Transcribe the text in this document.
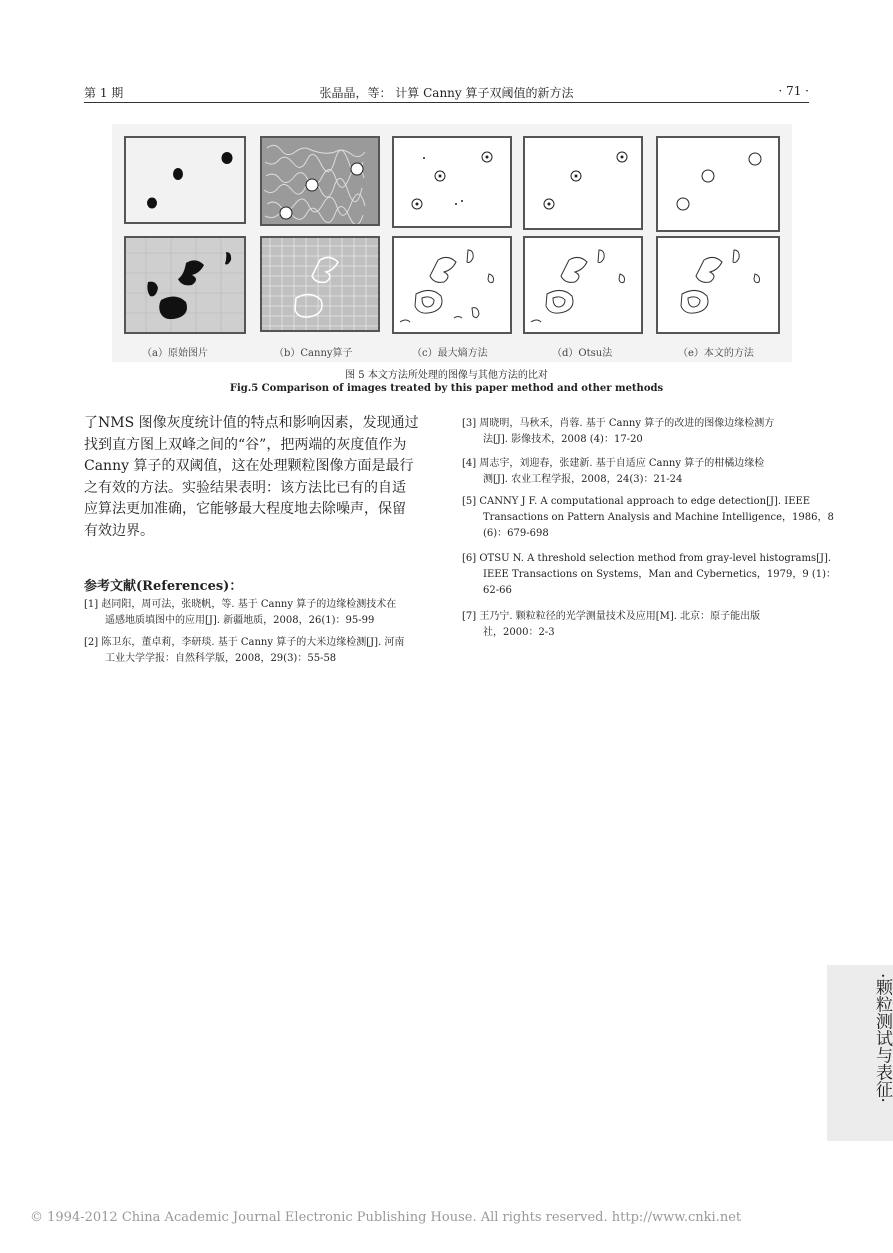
第 1 期	张晶晶，等： 计算 Canny 算子双阈值的新方法	· 71 ·
（a）原始图片	（b）Canny算子	（c）最大熵方法	（d）Otsu法	（e）本文的方法
图 5 本文方法所处理的图像与其他方法的比对
Fig.5 Comparison of images treated by this paper method and other methods
了NMS 图像灰度统计值的特点和影响因素，发现通过
找到直方图上双峰之间的“谷”，把两端的灰度值作为
Canny 算子的双阈值，这在处理颗粒图像方面是最行
之有效的方法。实验结果表明：该方法比已有的自适
应算法更加准确，它能够最大程度地去除噪声，保留
有效边界。
参考文献(References)：
[1] 赵同阳，周可法，张晓帆，等. 基于 Canny 算子的边缘检测技术在
遥感地质填图中的应用[J]. 新疆地质，2008，26(1)：95-99
[2] 陈卫东，董卓莉，李研琰. 基于 Canny 算子的大米边缘检测[J]. 河南
工业大学学报：自然科学版，2008，29(3)：55-58
[3] 周晓明，马秋禾，肖蓉. 基于 Canny 算子的改进的图像边缘检测方
法[J]. 影像技术，2008 (4)：17-20
[4] 周志宇，刘迎春，张建新. 基于自适应 Canny 算子的柑橘边缘检
测[J]. 农业工程学报，2008，24(3)：21-24
[5] CANNY J F. A computational approach to edge detection[J]. IEEE
Transactions on Pattern Analysis and Machine Intelligence，1986，8
(6)：679-698
[6] OTSU N. A threshold selection method from gray-level histograms[J].
IEEE Transactions on Systems，Man and Cybernetics，1979，9 (1)：
62-66
[7] 王乃宁. 颗粒粒径的光学测量技术及应用[M]. 北京：原子能出版
社，2000：2-3
·颗粒测试与表征·
© 1994-2012 China Academic Journal Electronic Publishing House. All rights reserved. http://www.cnki.net
